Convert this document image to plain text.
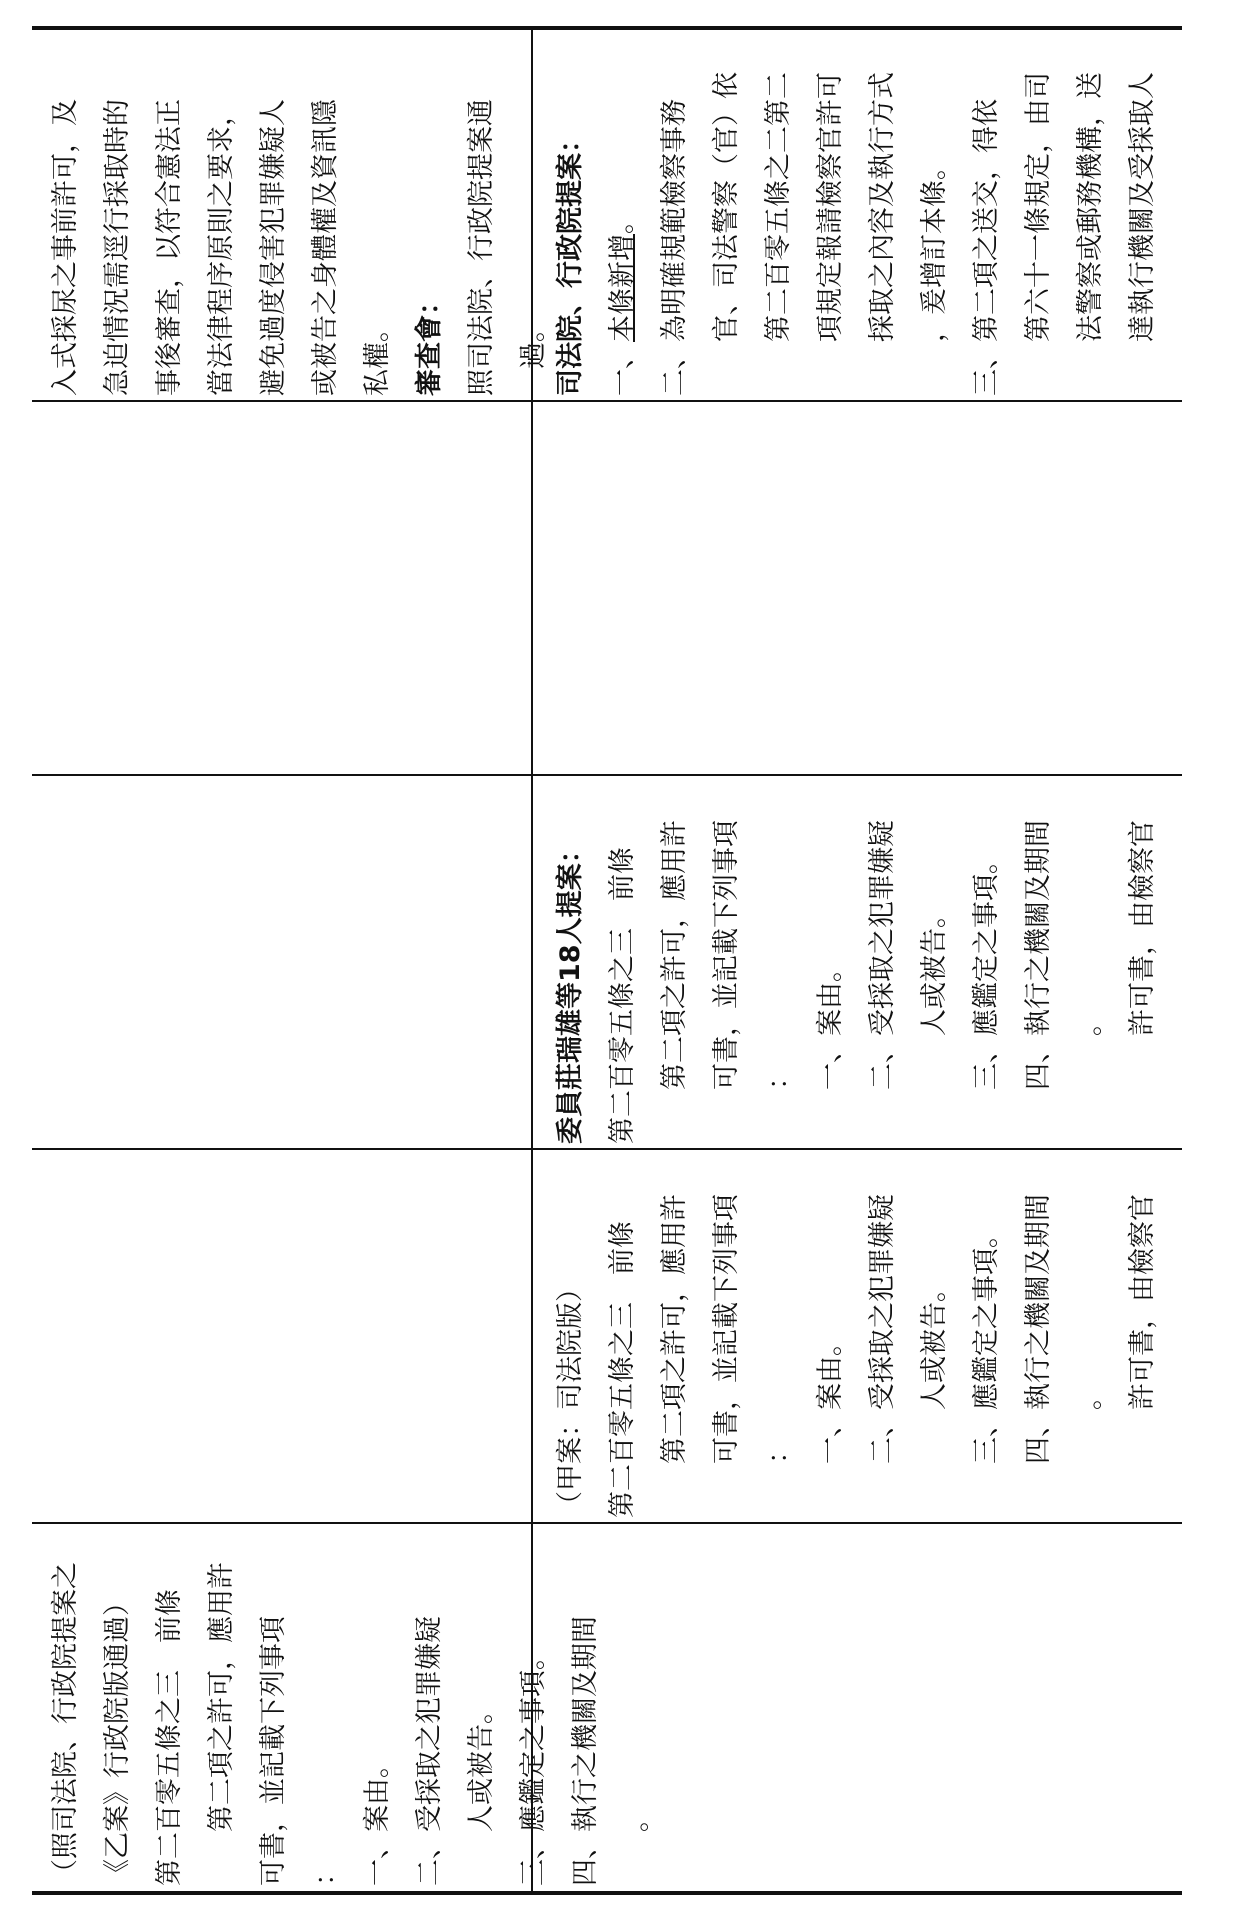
入式採尿之事前許可，及 急迫情況需逕行採取時的 事後審查，以符合憲法正 當法律程序原則之要求， 避免過度侵害犯罪嫌疑人 或被告之身體權及資訊隱 私權。 審查會： 照司法院、行政院提案通 過。

（照司法院、行政院提案之 《乙案》行政院版通過） 第二百零五條之三　前條 第二項之許可，應用許 可書，並記載下列事項 ： 一、案由。 二、受採取之犯罪嫌疑 人或被告。 三、應鑑定之事項。 四、執行之機關及期間 。

司法院、行政院提案： 一、本條新增。 二、為明確規範檢察事務 官、司法警察（官）依 第二百零五條之二第二 項規定報請檢察官許可 採取之內容及執行方式 ，爰增訂本條。 三、第二項之送交，得依 第六十一條規定，由司 法警察或郵務機構，送 達執行機關及受採取人

委員莊瑞雄等18人提案： 第二百零五條之三　前條 第二項之許可，應用許 可書，並記載下列事項 ： 一、案由。 二、受採取之犯罪嫌疑 人或被告。 三、應鑑定之事項。 四、執行之機關及期間 。 許可書，由檢察官

（甲案：司法院版） 第二百零五條之三　前條 第二項之許可，應用許 可書，並記載下列事項 ： 一、案由。 二、受採取之犯罪嫌疑 人或被告。 三、應鑑定之事項。 四、執行之機關及期間 。 許可書，由檢察官
